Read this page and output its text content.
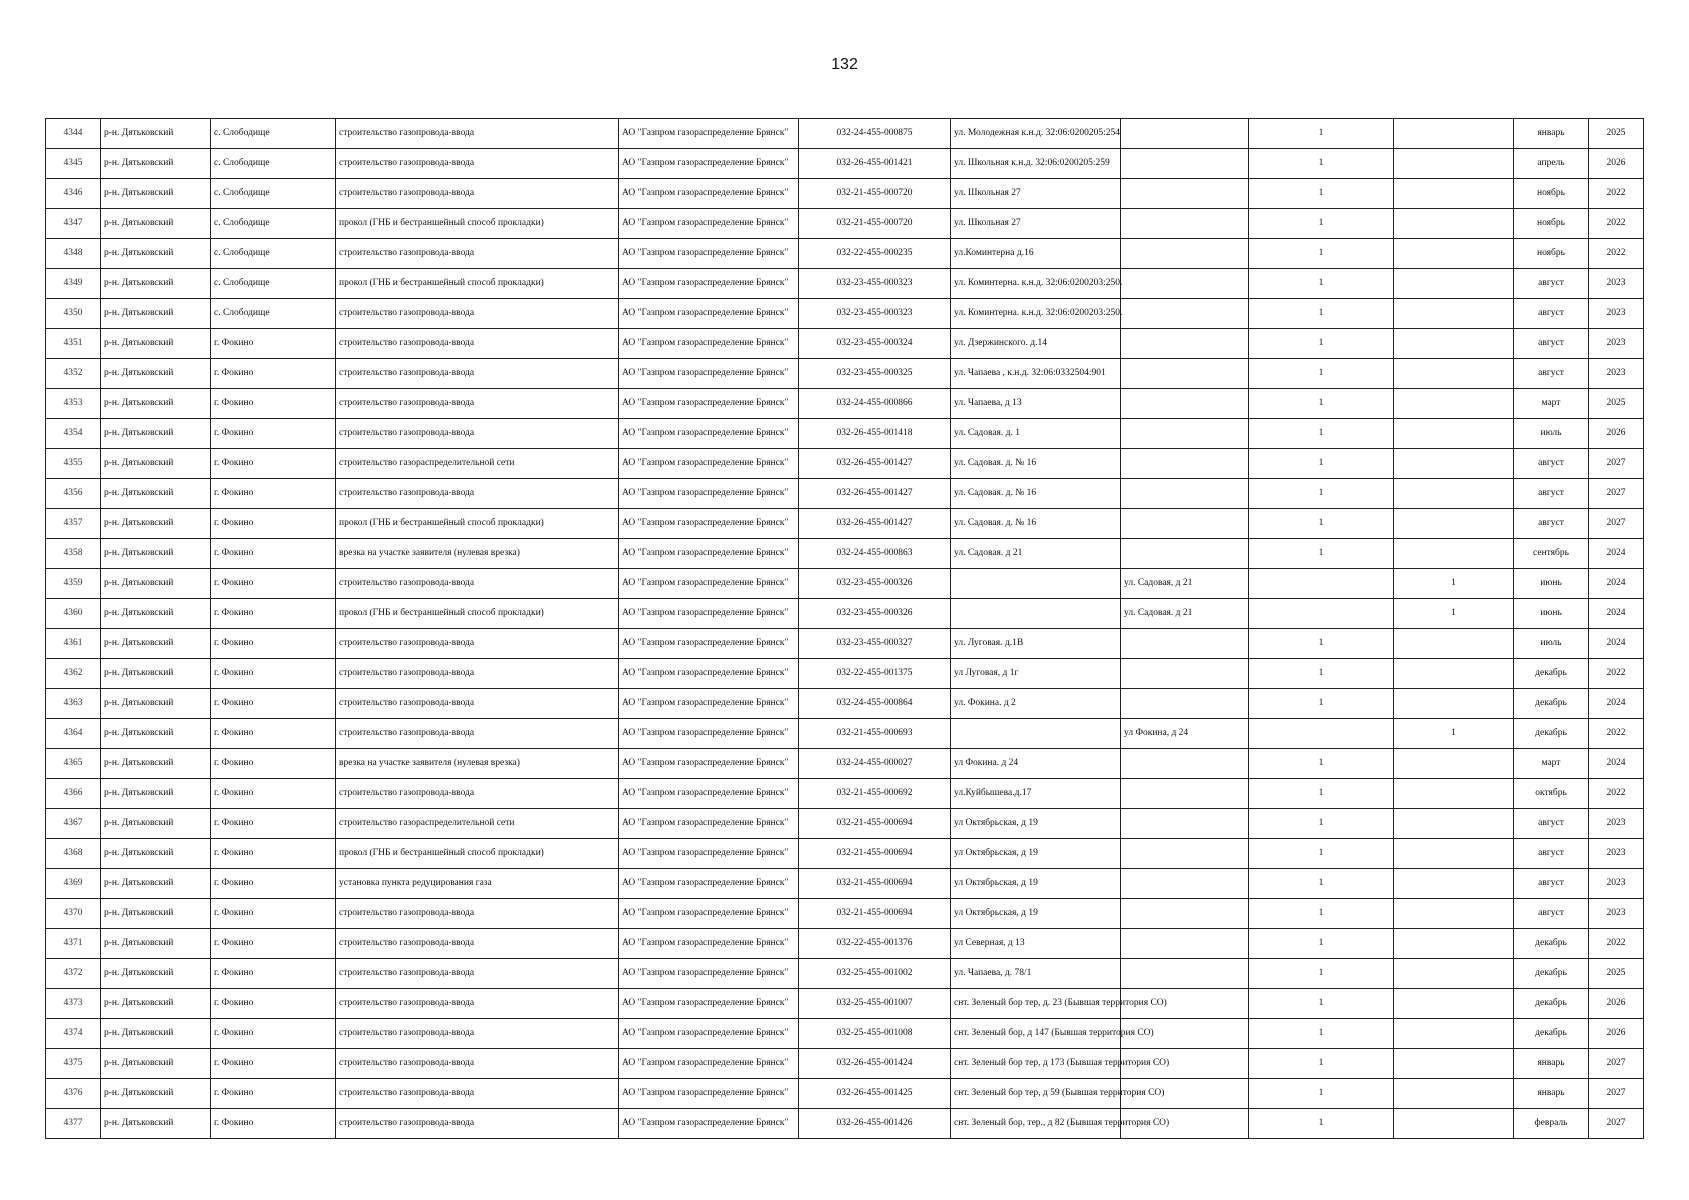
132
4344	р-н. Дятьковский	с. Слободище	строительство газопровода-ввода	АО "Газпром газораспределение Брянск"	032-24-455-000875	ул. Молодежная к.н.д. 32:06:0200205:254		1		январь	2025
4345	р-н. Дятьковский	с. Слободище	строительство газопровода-ввода	АО "Газпром газораспределение Брянск"	032-26-455-001421	ул. Школьная к.н.д. 32:06:0200205:259		1		апрель	2026
4346	р-н. Дятьковский	с. Слободище	строительство газопровода-ввода	АО "Газпром газораспределение Брянск"	032-21-455-000720	ул. Школьная 27		1		ноябрь	2022
4347	р-н. Дятьковский	с. Слободище	прокол (ГНБ и бестраншейный способ прокладки)	АО "Газпром газораспределение Брянск"	032-21-455-000720	ул. Школьная 27		1		ноябрь	2022
4348	р-н. Дятьковский	с. Слободище	строительство газопровода-ввода	АО "Газпром газораспределение Брянск"	032-22-455-000235	ул.Коминтерна д.16		1		ноябрь	2022
4349	р-н. Дятьковский	с. Слободище	прокол (ГНБ и бестраншейный способ прокладки)	АО "Газпром газораспределение Брянск"	032-23-455-000323	ул. Коминтерна. к.н.д. 32:06:0200203:250.		1		август	2023
4350	р-н. Дятьковский	с. Слободище	строительство газопровода-ввода	АО "Газпром газораспределение Брянск"	032-23-455-000323	ул. Коминтерна. к.н.д. 32:06:0200203:250.		1		август	2023
4351	р-н. Дятьковский	г. Фокино	строительство газопровода-ввода	АО "Газпром газораспределение Брянск"	032-23-455-000324	ул. Дзержинского. д.14		1		август	2023
4352	р-н. Дятьковский	г. Фокино	строительство газопровода-ввода	АО "Газпром газораспределение Брянск"	032-23-455-000325	ул. Чапаева , к.н.д. 32:06:0332504:901		1		август	2023
4353	р-н. Дятьковский	г. Фокино	строительство газопровода-ввода	АО "Газпром газораспределение Брянск"	032-24-455-000866	ул. Чапаева, д 13		1		март	2025
4354	р-н. Дятьковский	г. Фокино	строительство газопровода-ввода	АО "Газпром газораспределение Брянск"	032-26-455-001418	ул. Садовая. д. 1		1		июль	2026
4355	р-н. Дятьковский	г. Фокино	строительство газораспределительной сети	АО "Газпром газораспределение Брянск"	032-26-455-001427	ул. Садовая. д. № 16		1		август	2027
4356	р-н. Дятьковский	г. Фокино	строительство газопровода-ввода	АО "Газпром газораспределение Брянск"	032-26-455-001427	ул. Садовая. д. № 16		1		август	2027
4357	р-н. Дятьковский	г. Фокино	прокол (ГНБ и бестраншейный способ прокладки)	АО "Газпром газораспределение Брянск"	032-26-455-001427	ул. Садовая. д. № 16		1		август	2027
4358	р-н. Дятьковский	г. Фокино	врезка на участке заявителя (нулевая врезка)	АО "Газпром газораспределение Брянск"	032-24-455-000863	ул. Садовая. д 21		1		сентябрь	2024
4359	р-н. Дятьковский	г. Фокино	строительство газопровода-ввода	АО "Газпром газораспределение Брянск"	032-23-455-000326		ул. Садовая, д 21		1	июнь	2024
4360	р-н. Дятьковский	г. Фокино	прокол (ГНБ и бестраншейный способ прокладки)	АО "Газпром газораспределение Брянск"	032-23-455-000326		ул. Садовая. д 21		1	июнь	2024
4361	р-н. Дятьковский	г. Фокино	строительство газопровода-ввода	АО "Газпром газораспределение Брянск"	032-23-455-000327	ул. Луговая. д.1В		1		июль	2024
4362	р-н. Дятьковский	г. Фокино	строительство газопровода-ввода	АО "Газпром газораспределение Брянск"	032-22-455-001375	ул Луговая, д 1г		1		декабрь	2022
4363	р-н. Дятьковский	г. Фокино	строительство газопровода-ввода	АО "Газпром газораспределение Брянск"	032-24-455-000864	ул. Фокина. д 2		1		декабрь	2024
4364	р-н. Дятьковский	г. Фокино	строительство газопровода-ввода	АО "Газпром газораспределение Брянск"	032-21-455-000693		ул Фокина, д 24		1	декабрь	2022
4365	р-н. Дятьковский	г. Фокино	врезка на участке заявителя (нулевая врезка)	АО "Газпром газораспределение Брянск"	032-24-455-000027	ул Фокина. д 24		1		март	2024
4366	р-н. Дятьковский	г. Фокино	строительство газопровода-ввода	АО "Газпром газораспределение Брянск"	032-21-455-000692	ул.Куйбышева.д.17		1		октябрь	2022
4367	р-н. Дятьковский	г. Фокино	строительство газораспределительной сети	АО "Газпром газораспределение Брянск"	032-21-455-000694	ул Октябрьская, д 19		1		август	2023
4368	р-н. Дятьковский	г. Фокино	прокол (ГНБ и бестраншейный способ прокладки)	АО "Газпром газораспределение Брянск"	032-21-455-000694	ул Октябрьская, д 19		1		август	2023
4369	р-н. Дятьковский	г. Фокино	установка пункта редуцирования газа	АО "Газпром газораспределение Брянск"	032-21-455-000694	ул Октябрьская, д 19		1		август	2023
4370	р-н. Дятьковский	г. Фокино	строительство газопровода-ввода	АО "Газпром газораспределение Брянск"	032-21-455-000694	ул Октябрьская, д 19		1		август	2023
4371	р-н. Дятьковский	г. Фокино	строительство газопровода-ввода	АО "Газпром газораспределение Брянск"	032-22-455-001376	ул Северная, д 13		1		декабрь	2022
4372	р-н. Дятьковский	г. Фокино	строительство газопровода-ввода	АО "Газпром газораспределение Брянск"	032-25-455-001002	ул. Чапаева, д. 78/1		1		декабрь	2025
4373	р-н. Дятьковский	г. Фокино	строительство газопровода-ввода	АО "Газпром газораспределение Брянск"	032-25-455-001007	снт. Зеленый бор тер, д. 23 (Бывшая территория СО)		1		декабрь	2026
4374	р-н. Дятьковский	г. Фокино	строительство газопровода-ввода	АО "Газпром газораспределение Брянск"	032-25-455-001008	снт. Зеленый бор, д 147 (Бывшая территория СО)		1		декабрь	2026
4375	р-н. Дятьковский	г. Фокино	строительство газопровода-ввода	АО "Газпром газораспределение Брянск"	032-26-455-001424	снт. Зеленый бор тер, д 173 (Бывшая территория СО)		1		январь	2027
4376	р-н. Дятьковский	г. Фокино	строительство газопровода-ввода	АО "Газпром газораспределение Брянск"	032-26-455-001425	снт. Зеленый бор тер, д 59 (Бывшая территория СО)		1		январь	2027
4377	р-н. Дятьковский	г. Фокино	строительство газопровода-ввода	АО "Газпром газораспределение Брянск"	032-26-455-001426	снт. Зеленый бор, тер., д 82 (Бывшая территория СО)		1		февраль	2027
